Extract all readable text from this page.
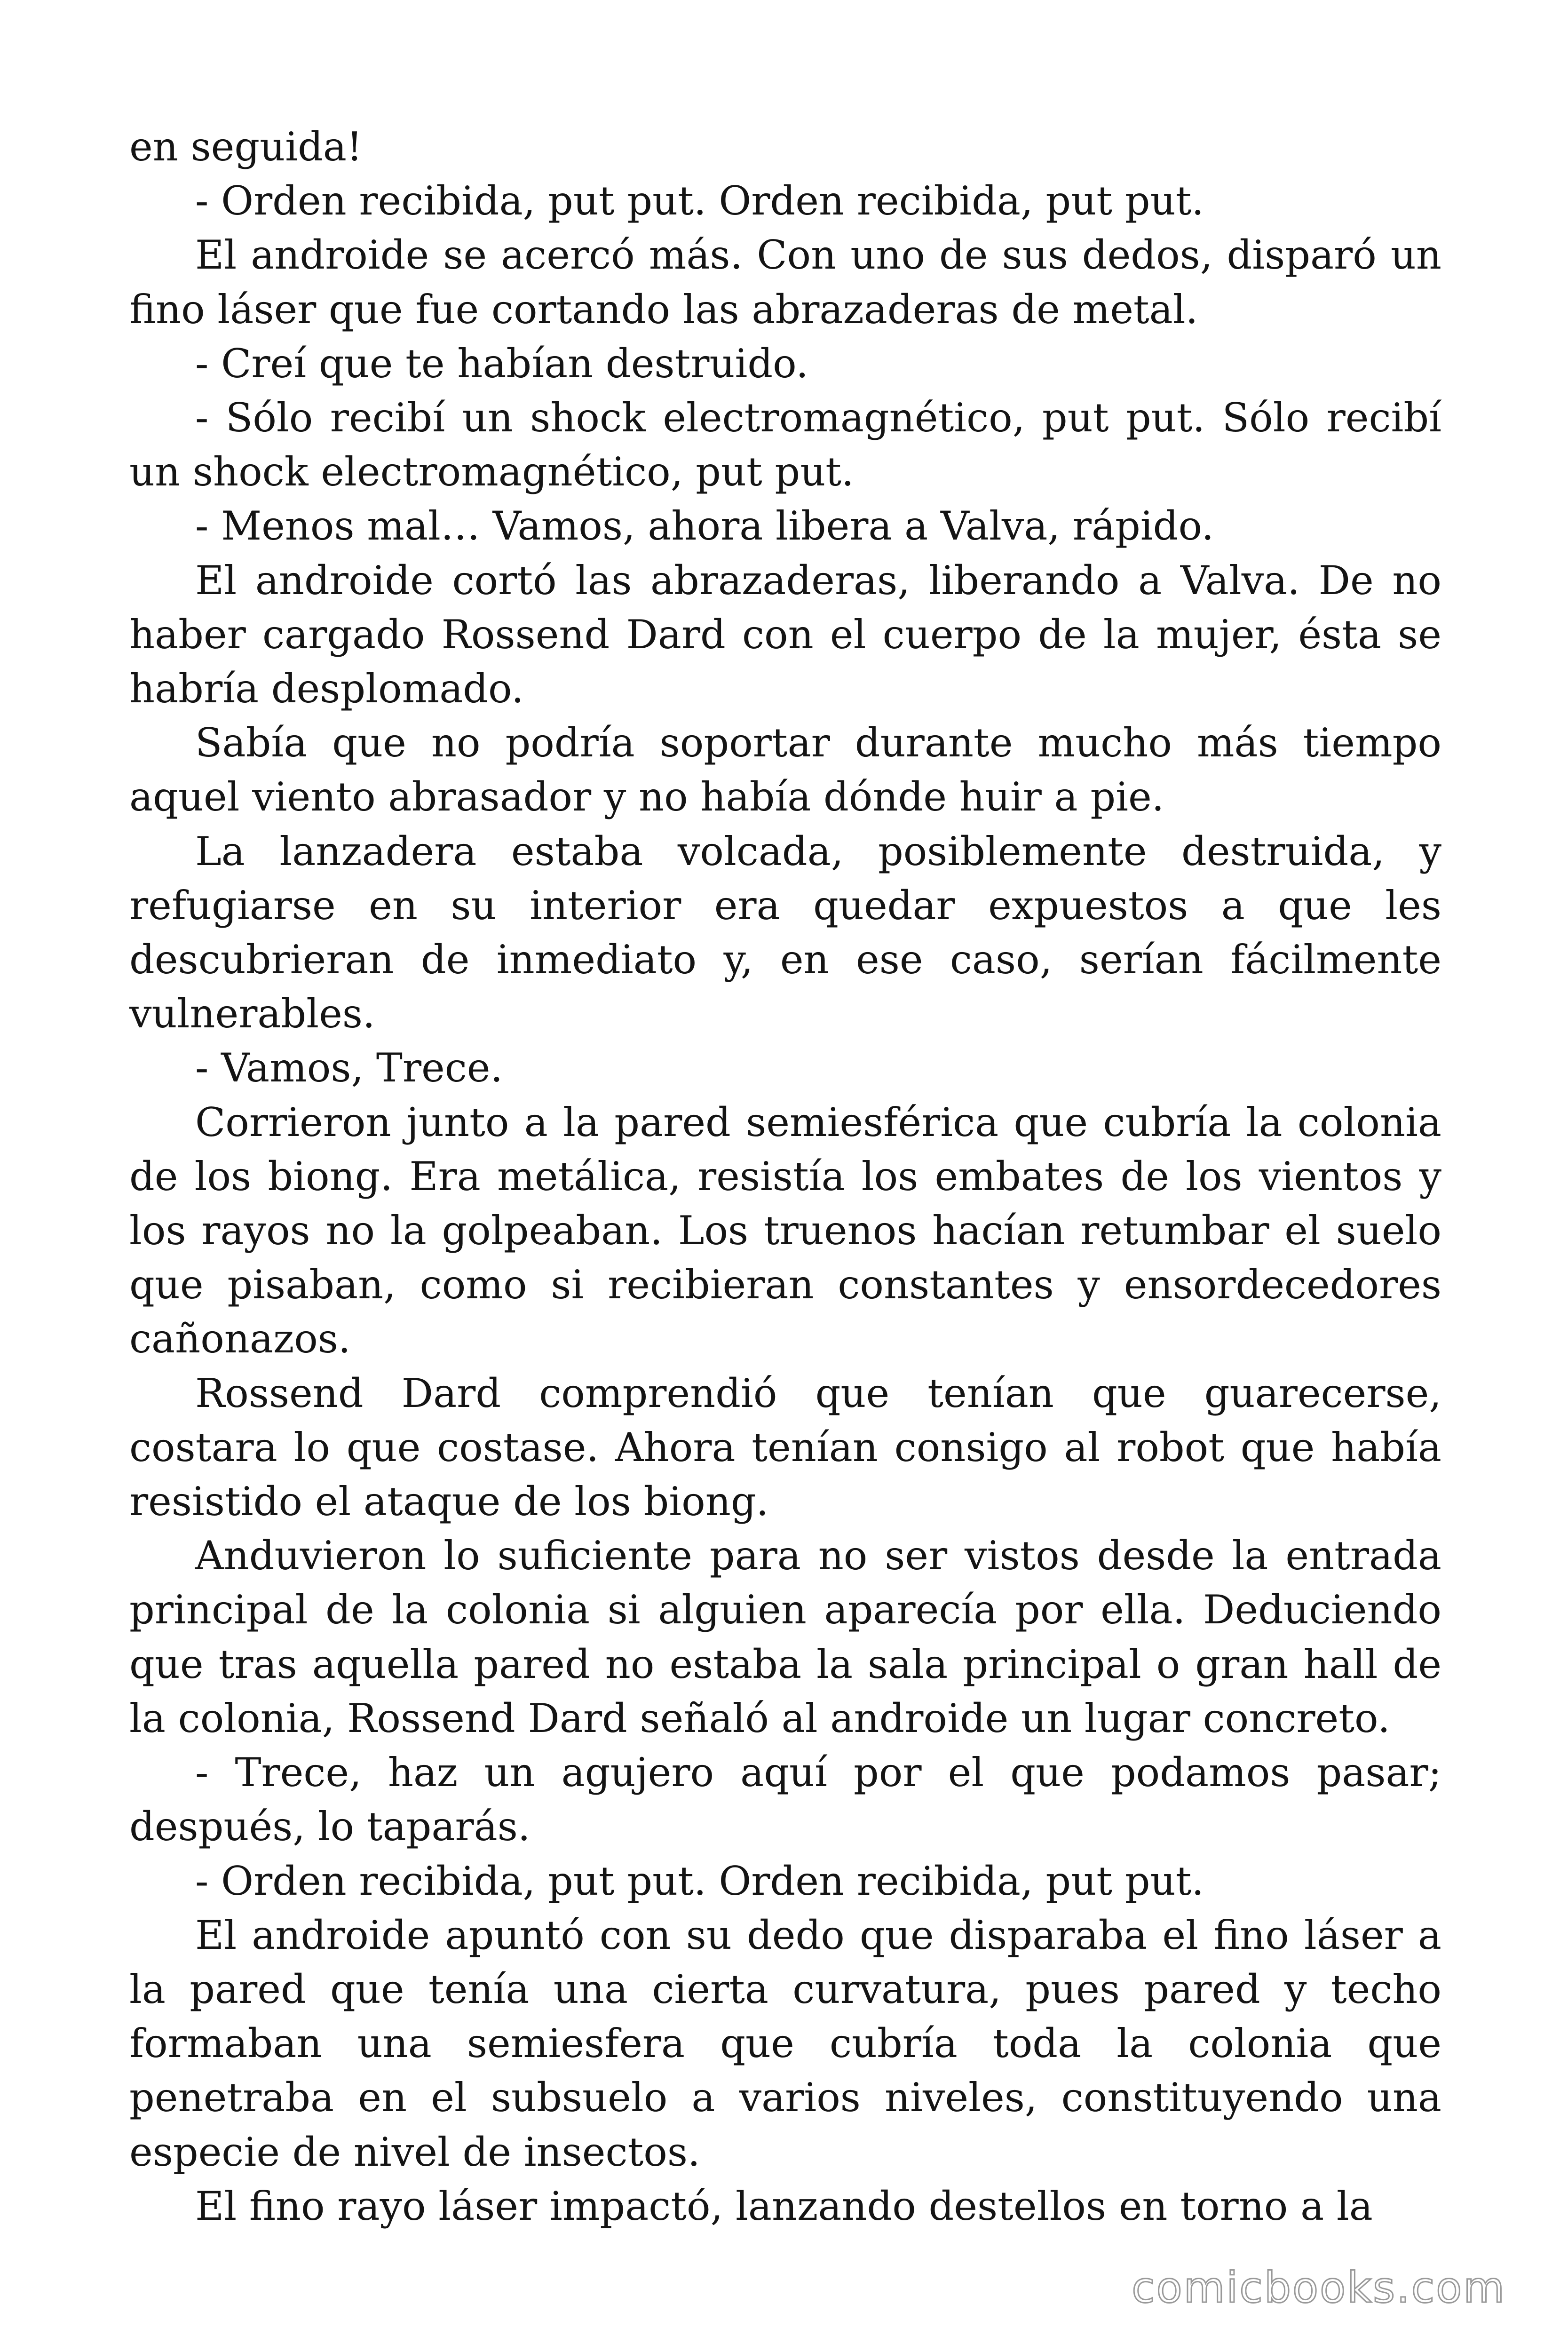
en seguida!

- Orden recibida, put put. Orden recibida, put put.

El androide se acercó más. Con uno de sus dedos, disparó un fino láser que fue cortando las abrazaderas de metal.

- Creí que te habían destruido.

- Sólo recibí un shock electromagnético, put put. Sólo recibí un shock electromagnético, put put.

- Menos mal… Vamos, ahora libera a Valva, rápido.

El androide cortó las abrazaderas, liberando a Valva. De no haber cargado Rossend Dard con el cuerpo de la mujer, ésta se habría desplomado.

Sabía que no podría soportar durante mucho más tiempo aquel viento abrasador y no había dónde huir a pie.

La lanzadera estaba volcada, posiblemente destruida, y refugiarse en su interior era quedar expuestos a que les descubrieran de inmediato y, en ese caso, serían fácilmente vulnerables.

- Vamos, Trece.

Corrieron junto a la pared semiesférica que cubría la colonia de los biong. Era metálica, resistía los embates de los vientos y los rayos no la golpeaban. Los truenos hacían retumbar el suelo que pisaban, como si recibieran constantes y ensordecedores cañonazos.

Rossend Dard comprendió que tenían que guarecerse, costara lo que costase. Ahora tenían consigo al robot que había resistido el ataque de los biong.

Anduvieron lo suficiente para no ser vistos desde la entrada principal de la colonia si alguien aparecía por ella. Deduciendo que tras aquella pared no estaba la sala principal o gran hall de la colonia, Rossend Dard señaló al androide un lugar concreto.

- Trece, haz un agujero aquí por el que podamos pasar; después, lo taparás.

- Orden recibida, put put. Orden recibida, put put.

El androide apuntó con su dedo que disparaba el fino láser a la pared que tenía una cierta curvatura, pues pared y techo formaban una semiesfera que cubría toda la colonia que penetraba en el subsuelo a varios niveles, constituyendo una especie de nivel de insectos.

El fino rayo láser impactó, lanzando destellos en torno a la

comicbooks.com
